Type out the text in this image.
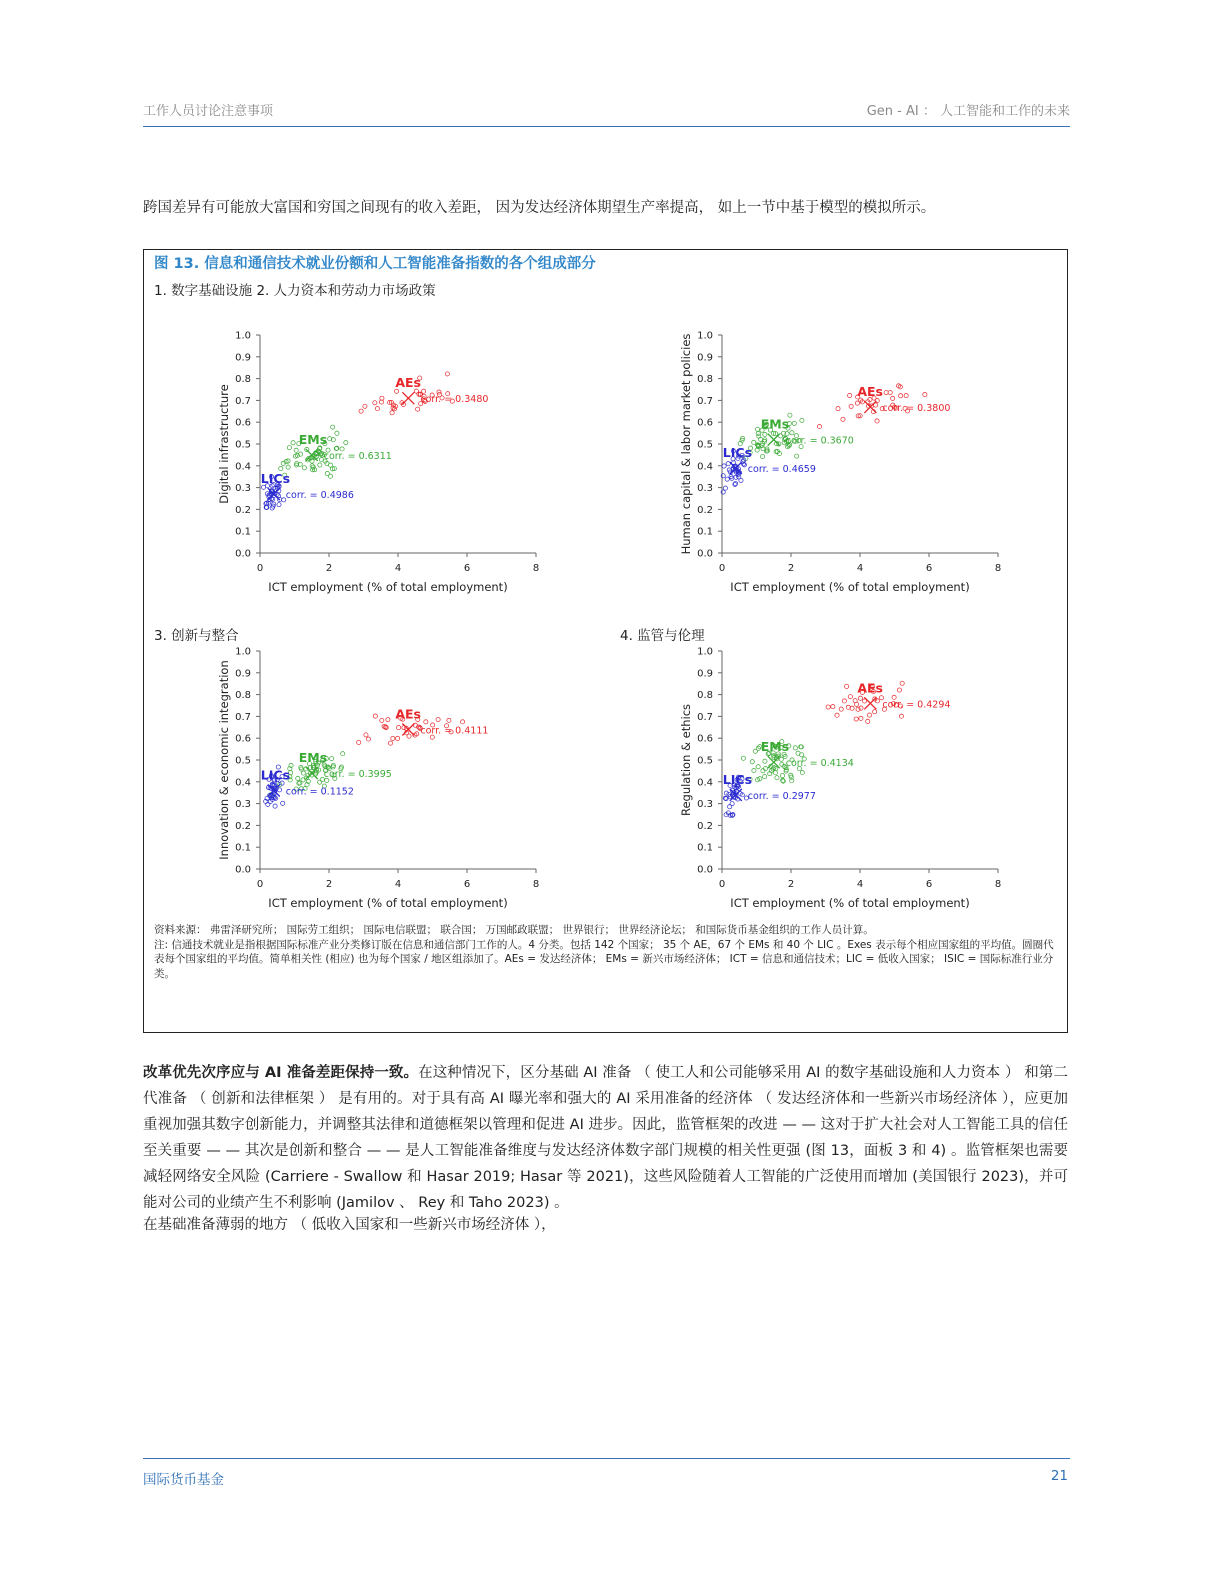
工作人员讨论注意事项	Gen - AI ： 人工智能和工作的未来
跨国差异有可能放大富国和穷国之间现有的收入差距， 因为发达经济体期望生产率提高， 如上一节中基于模型的模拟所示。
图 13. 信息和通信技术就业份额和人工智能准备指数的各个组成部分
1. 数字基础设施 2. 人力资本和劳动力市场政策
3. 创新与整合	4. 监管与伦理
0.0
0.1
0.2
0.3
0.4
0.5
0.6
0.7
0.8
0.9
1.0
0	2	4	6	8
ICT employment (% of total employment)
Digital infrastructure
AEs
corr. = 0.3480
EMs
corr. = 0.6311
LICs
corr. = 0.4986
0.0
0.1
0.2
0.3
0.4
0.5
0.6
0.7
0.8
0.9
1.0
0	2	4	6	8
ICT employment (% of total employment)
Human capital & labor market policies	AEs
corr. = 0.3800
EMs
corr. = 0.3670
LICs
corr. = 0.4659
0.0
0.1
0.2
0.3
0.4
0.5
0.6
0.7
0.8
0.9
1.0
0	2	4	6	8
ICT employment (% of total employment)
Innovation & economic integration	AEs
corr. = 0.4111
EMs
corr. = 0.3995
LICs
corr. = 0.1152
0.0
0.1
0.2
0.3
0.4
0.5
0.6
0.7
0.8
0.9
1.0
0	2	4	6	8
ICT employment (% of total employment)
Regulation & ethics
AEs
corr. = 0.4294
EMs
corr. = 0.4134
LICs
corr. = 0.2977
资料来源： 弗雷泽研究所； 国际劳工组织； 国际电信联盟； 联合国； 万国邮政联盟； 世界银行； 世界经济论坛； 和国际货币基金组织的工作人员计算。
注: 信通技术就业是指根据国际标准产业分类修订版在信息和通信部门工作的人。4 分类。包括 142 个国家； 35 个 AE，67 个 EMs 和 40 个 LIC 。Exes 表示每个相应国家组的平均值。圆圈代表每个国家组的平均值。简单相关性 (相应) 也为每个国家 / 地区组添加了。AEs = 发达经济体； EMs = 新兴市场经济体； ICT = 信息和通信技术；LIC = 低收入国家； ISIC = 国际标准行业分类。
改革优先次序应与 AI 准备差距保持一致。在这种情况下，区分基础 AI 准备 （ 使工人和公司能够采用 AI 的数字基础设施和人力资本 ） 和第二代准备 （ 创新和法律框架 ） 是有用的。对于具有高 AI 曝光率和强大的 AI 采用准备的经济体 （ 发达经济体和一些新兴市场经济体 ），应更加重视加强其数字创新能力，并调整其法律和道德框架以管理和促进 AI 进步。因此，监管框架的改进 — — 这对于扩大社会对人工智能工具的信任至关重要 — — 其次是创新和整合 — — 是人工智能准备维度与发达经济体数字部门规模的相关性更强 (图 13，面板 3 和 4) 。监管框架也需要减轻网络安全风险 (Carriere - Swallow 和 Hasar 2019; Hasar 等 2021)，这些风险随着人工智能的广泛使用而增加 (美国银行 2023)，并可能对公司的业绩产生不利影响 (Jamilov 、 Rey 和 Taho 2023) 。
在基础准备薄弱的地方 （ 低收入国家和一些新兴市场经济体 ），
国际货币基金	21
